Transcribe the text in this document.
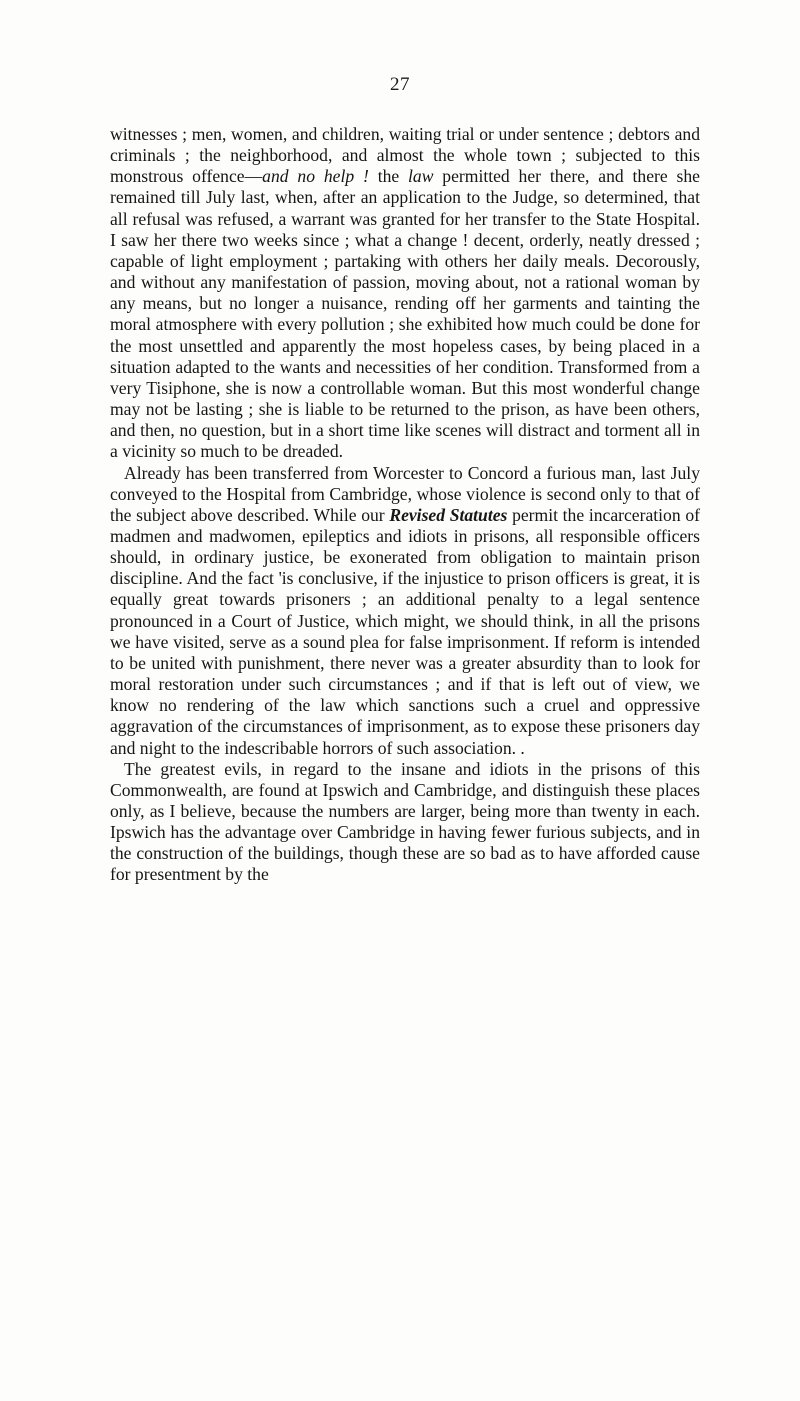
27

witnesses ; men, women, and children, waiting trial or under sentence ; debtors and criminals ; the neighborhood, and almost the whole town ; subjected to this monstrous offence—and no help ! the law permitted her there, and there she remained till July last, when, after an application to the Judge, so determined, that all refusal was refused, a warrant was granted for her transfer to the State Hospital. I saw her there two weeks since ; what a change ! decent, orderly, neatly dressed ; capable of light employment ; partaking with others her daily meals. Decorously, and without any manifestation of passion, moving about, not a rational woman by any means, but no longer a nuisance, rending off her garments and tainting the moral atmosphere with every pollution ; she exhibited how much could be done for the most unsettled and apparently the most hopeless cases, by being placed in a situation adapted to the wants and necessities of her condition. Transformed from a very Tisiphone, she is now a controllable woman. But this most wonderful change may not be lasting ; she is liable to be returned to the prison, as have been others, and then, no question, but in a short time like scenes will distract and torment all in a vicinity so much to be dreaded.

Already has been transferred from Worcester to Concord a furious man, last July conveyed to the Hospital from Cambridge, whose violence is second only to that of the subject above described. While our Revised Statutes permit the incarceration of madmen and madwomen, epileptics and idiots in prisons, all responsible officers should, in ordinary justice, be exonerated from obligation to maintain prison discipline. And the fact 'is conclusive, if the injustice to prison officers is great, it is equally great towards prisoners ; an additional penalty to a legal sentence pronounced in a Court of Justice, which might, we should think, in all the prisons we have visited, serve as a sound plea for false imprisonment. If reform is intended to be united with punishment, there never was a greater absurdity than to look for moral restoration under such circumstances ; and if that is left out of view, we know no rendering of the law which sanctions such a cruel and oppressive aggravation of the circumstances of imprisonment, as to expose these prisoners day and night to the indescribable horrors of such association. .

The greatest evils, in regard to the insane and idiots in the prisons of this Commonwealth, are found at Ipswich and Cambridge, and distinguish these places only, as I believe, because the numbers are larger, being more than twenty in each. Ipswich has the advantage over Cambridge in having fewer furious subjects, and in the construction of the buildings, though these are so bad as to have afforded cause for presentment by the
